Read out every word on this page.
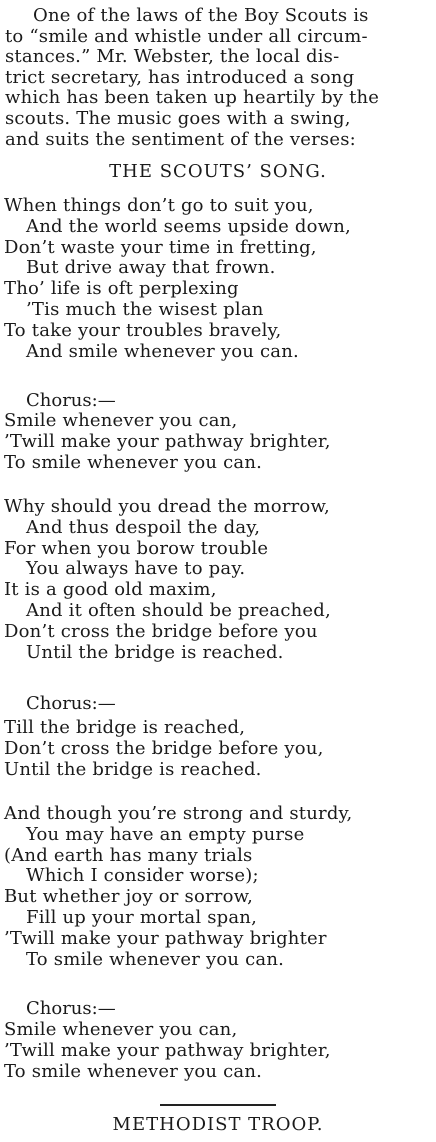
One of the laws of the Boy Scouts is
to “smile and whistle under all circum-
stances.” Mr. Webster, the local dis-
trict secretary, has introduced a song
which has been taken up heartily by the
scouts. The music goes with a swing,
and suits the sentiment of the verses:
THE SCOUTS’ SONG.
When things don’t go to suit you,
And the world seems upside down,
Don’t waste your time in fretting,
But drive away that frown.
Tho’ life is oft perplexing
’Tis much the wisest plan
To take your troubles bravely,
And smile whenever you can.
Chorus:—
Smile whenever you can,
’Twill make your pathway brighter,
To smile whenever you can.
Why should you dread the morrow,
And thus despoil the day,
For when you borow trouble
You always have to pay.
It is a good old maxim,
And it often should be preached,
Don’t cross the bridge before you
Until the bridge is reached.
Chorus:—
Till the bridge is reached,
Don’t cross the bridge before you,
Until the bridge is reached.
And though you’re strong and sturdy,
You may have an empty purse
(And earth has many trials
Which I consider worse);
But whether joy or sorrow,
Fill up your mortal span,
’Twill make your pathway brighter
To smile whenever you can.
Chorus:—
Smile whenever you can,
’Twill make your pathway brighter,
To smile whenever you can.
METHODIST TROOP.
